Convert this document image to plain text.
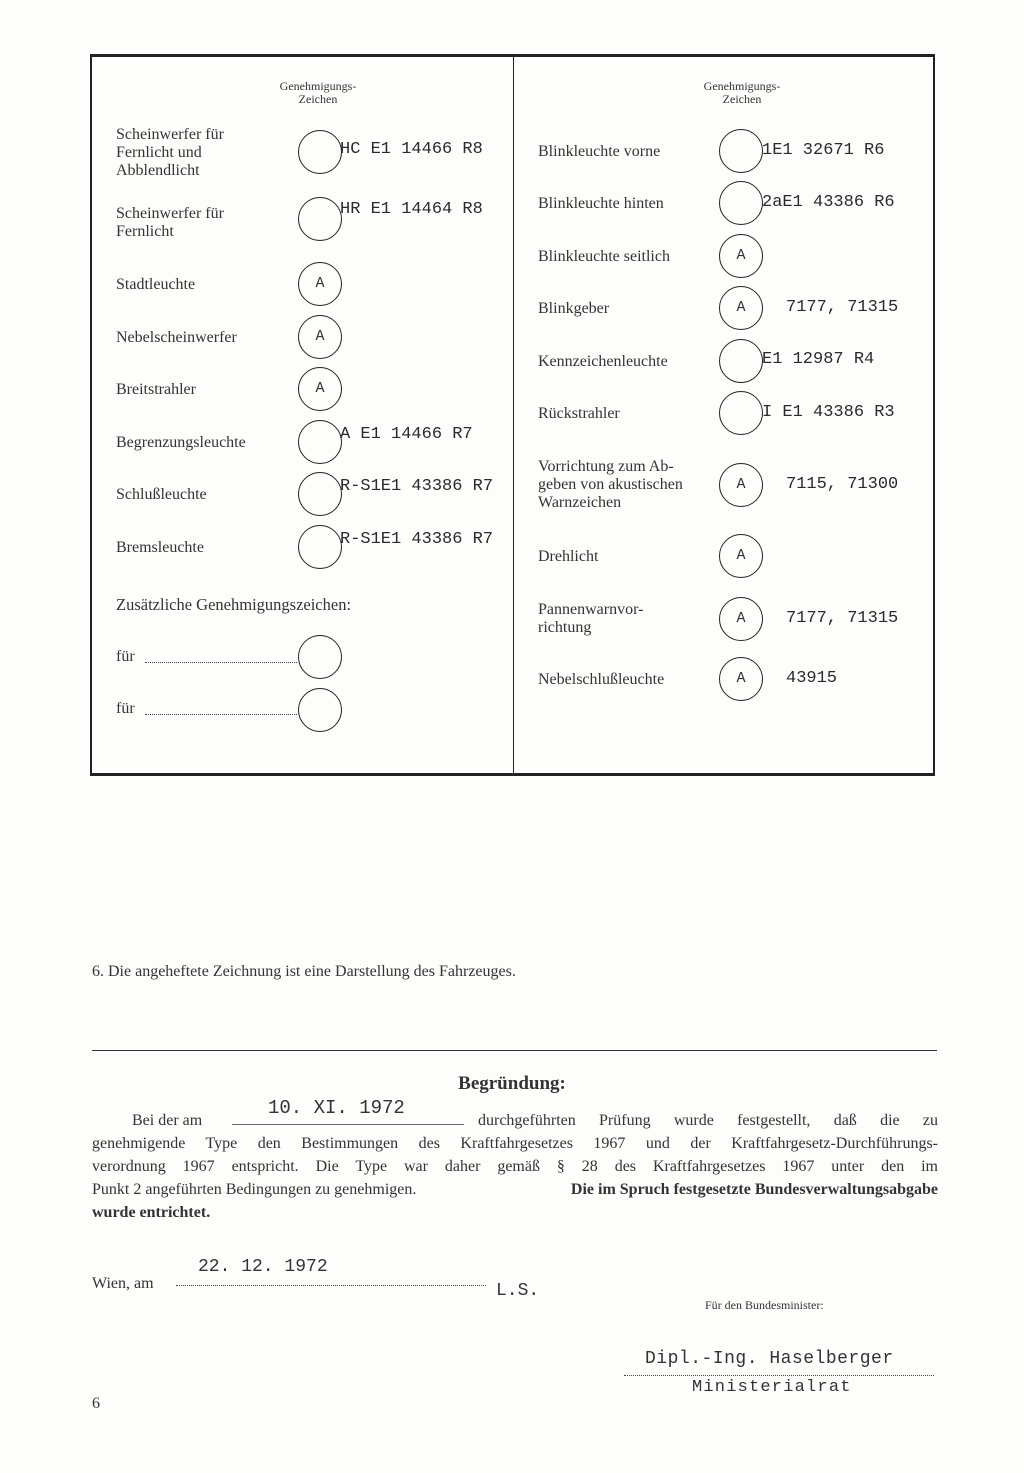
Genehmigungs-
Zeichen
Scheinwerfer für
Fernlicht und
Abblendlicht
HC E1 14466 R8
Scheinwerfer für
Fernlicht
HR E1 14464 R8
Stadtleuchte	A
Nebelscheinwerfer	A
Breitstrahler	A
Begrenzungsleuchte	A E1 14466 R7
Schlußleuchte	R-S1E1 43386 R7
Bremsleuchte	R-S1E1 43386 R7
Zusätzliche Genehmigungszeichen:
für
für
Genehmigungs-
Zeichen
Blinkleuchte vorne	1E1 32671 R6
Blinkleuchte hinten	2aE1 43386 R6
Blinkleuchte seitlich	A
Blinkgeber	A	7177, 71315
Kennzeichenleuchte	E1 12987 R4
Rückstrahler	I E1 43386 R3
Vorrichtung zum Ab-
geben von akustischen
Warnzeichen
A	7115, 71300
Drehlicht	A
Pannenwarnvor-
richtung
A	7177, 71315
Nebelschlußleuchte	A	43915
6. Die angeheftete Zeichnung ist eine Darstellung des Fahrzeuges.
Begründung:
Bei der am
10. XI. 1972
durchgeführten Prüfung wurde festgestellt, daß die zu
genehmigende Type den Bestimmungen des Kraftfahrgesetzes 1967 und der Kraftfahrgesetz-Durchführungs-
verordnung 1967 entspricht. Die Type war daher gemäß § 28 des Kraftfahrgesetzes 1967 unter den im
Punkt 2 angeführten Bedingungen zu genehmigen.	Die im Spruch festgesetzte Bundesverwaltungsabgabe
wurde entrichtet.
Wien, am
22. 12. 1972
L.S.
Für den Bundesminister:
Dipl.-Ing. Haselberger
Ministerialrat
6
